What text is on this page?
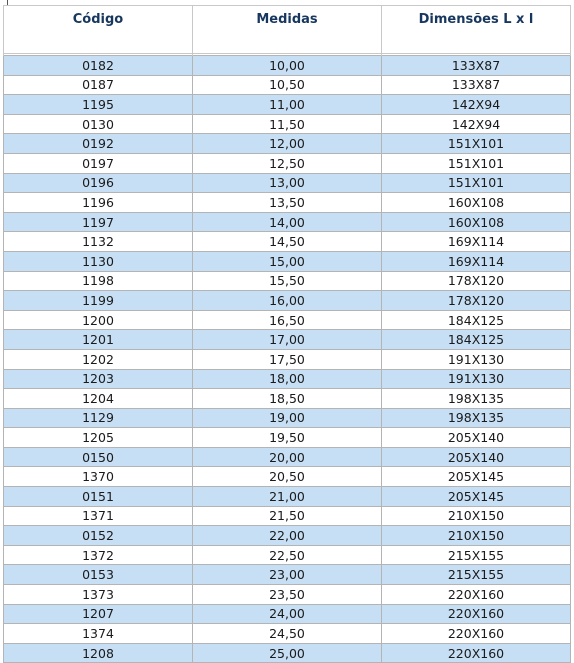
Código	Medidas	Dimensões L x l

0182	10,00	133X87
0187	10,50	133X87
1195	11,00	142X94
0130	11,50	142X94
0192	12,00	151X101
0197	12,50	151X101
0196	13,00	151X101
1196	13,50	160X108
1197	14,00	160X108
1132	14,50	169X114
1130	15,00	169X114
1198	15,50	178X120
1199	16,00	178X120
1200	16,50	184X125
1201	17,00	184X125
1202	17,50	191X130
1203	18,00	191X130
1204	18,50	198X135
1129	19,00	198X135
1205	19,50	205X140
0150	20,00	205X140
1370	20,50	205X145
0151	21,00	205X145
1371	21,50	210X150
0152	22,00	210X150
1372	22,50	215X155
0153	23,00	215X155
1373	23,50	220X160
1207	24,00	220X160
1374	24,50	220X160
1208	25,00	220X160
